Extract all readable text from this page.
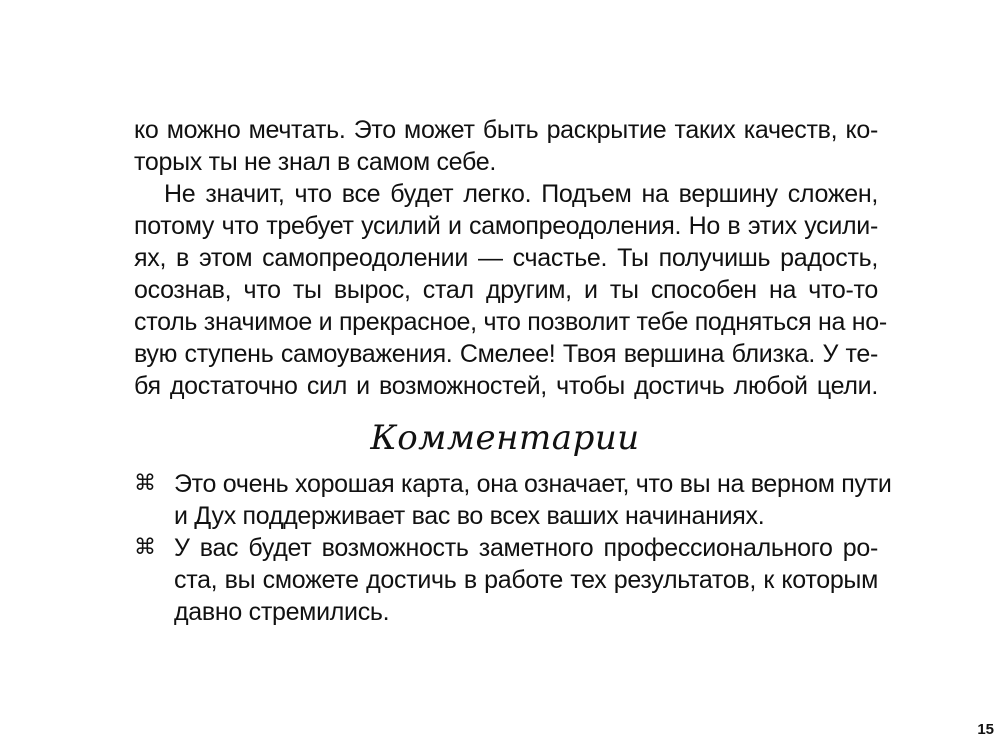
ко можно мечтать. Это может быть раскрытие таких качеств, ко-
торых ты не знал в самом себе.
Не значит, что все будет легко. Подъем на вершину сложен,
потому что требует усилий и самопреодоления. Но в этих усили-
ях, в этом самопреодолении — счастье. Ты получишь радость,
осознав, что ты вырос, стал другим, и ты способен на что-то
столь значимое и прекрасное, что позволит тебе подняться на но-
вую ступень самоуважения. Смелее! Твоя вершина близка. У те-
бя достаточно сил и возможностей, чтобы достичь любой цели.
Комментарии
⌘ Это очень хорошая карта, она означает, что вы на верном пути
и Дух поддерживает вас во всех ваших начинаниях.
⌘ У вас будет возможность заметного профессионального ро-
ста, вы сможете достичь в работе тех результатов, к которым
давно стремились.
15
